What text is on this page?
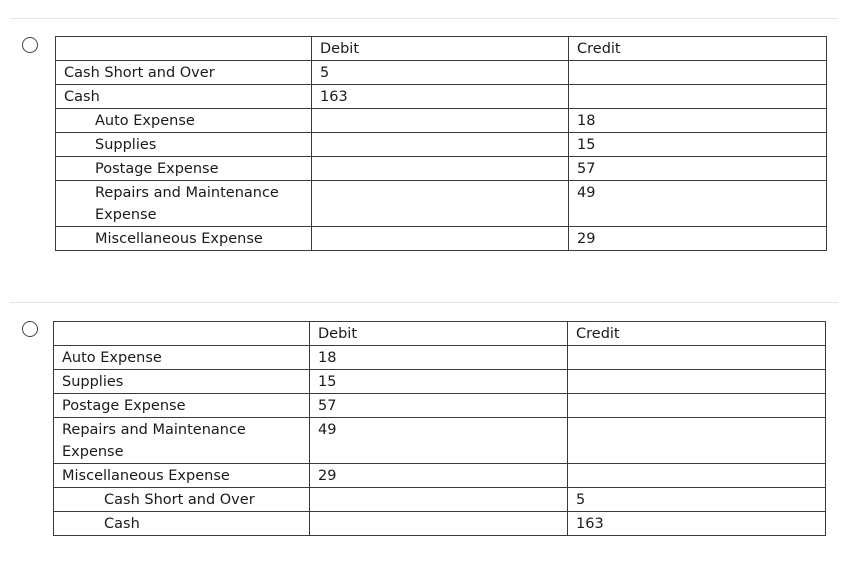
	Debit	Credit
Cash Short and Over	5	
Cash	163	
Auto Expense		18
Supplies		15
Postage Expense		57
Repairs and Maintenance Expense		49
Miscellaneous Expense		29
	Debit	Credit
Auto Expense	18	
Supplies	15	
Postage Expense	57	
Repairs and Maintenance Expense	49	
Miscellaneous Expense	29	
Cash Short and Over		5
Cash		163
